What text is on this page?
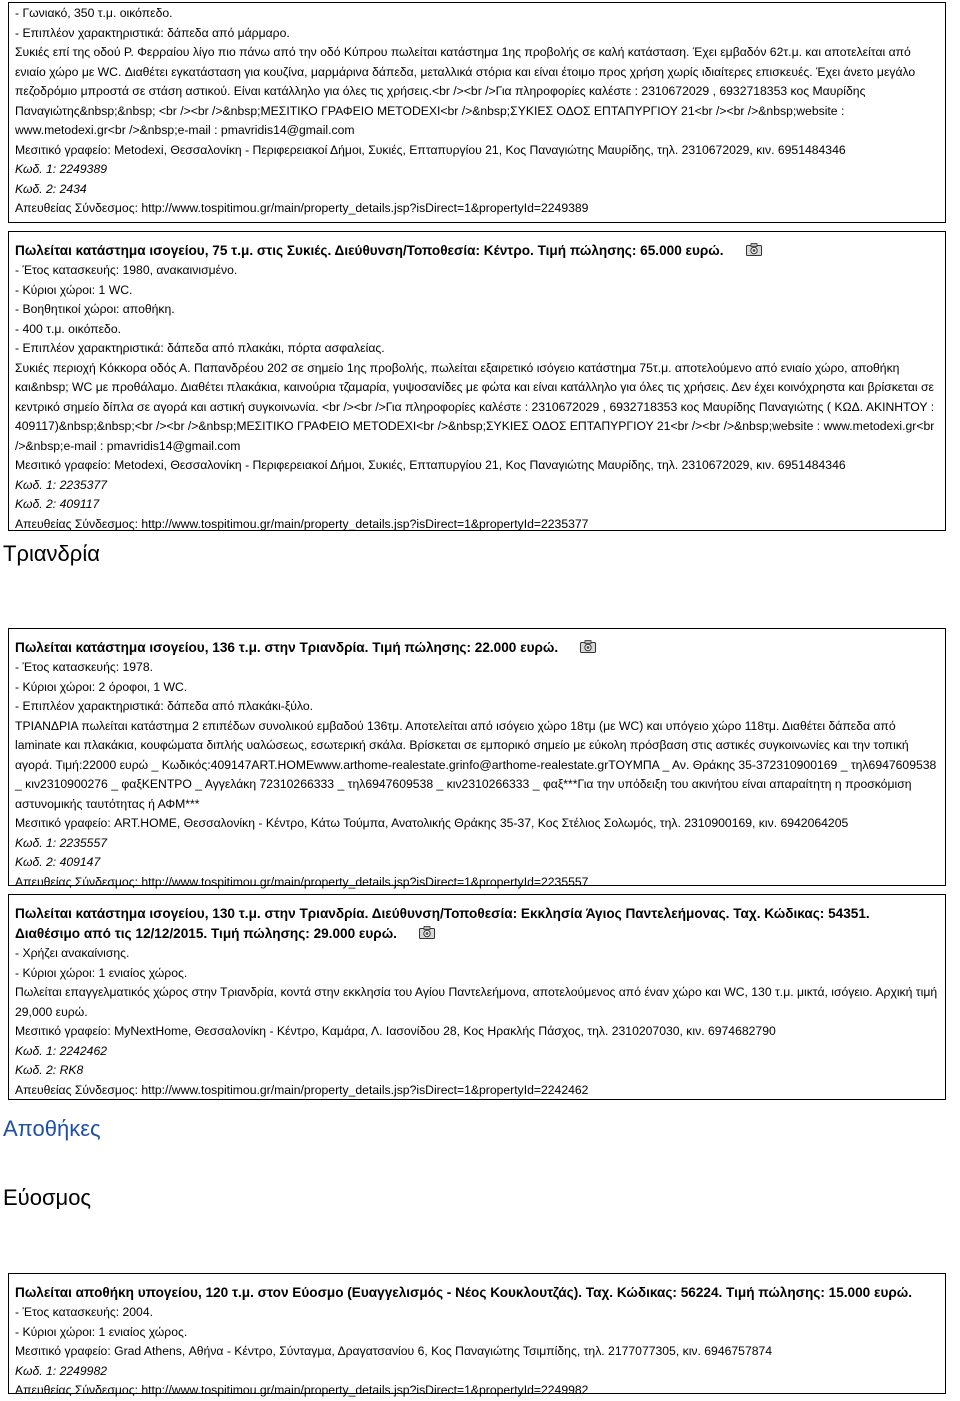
- Γωνιακό, 350 τ.μ. οικόπεδο.
- Επιπλέον χαρακτηριστικά: δάπεδα από μάρμαρο.
Συκιές επί της οδού Ρ. Φερραίου λίγο πιο πάνω από την οδό Κύπρου πωλείται κατάστημα 1ης προβολής σε καλή κατάσταση. Έχει εμβαδόν 62τ.μ. και αποτελείται από ενιαίο χώρο με WC. Διαθέτει εγκατάσταση για κουζίνα, μαρμάρινα δάπεδα, μεταλλικά στόρια και είναι έτοιμο προς χρήση χωρίς ιδιαίτερες επισκευές. Έχει άνετο μεγάλο πεζοδρόμιο μπροστά σε στάση αστικού. Είναι κατάλληλο για όλες τις χρήσεις.<br /><br />Για πληροφορίες καλέστε : 2310672029 , 6932718353 κος Μαυρίδης Παναγιώτης&nbsp;&nbsp; <br /><br />&nbsp;ΜΕΣΙΤΙΚΟ ΓΡΑΦΕΙΟ METODEXI<br />&nbsp;ΣΥΚΙΕΣ ΟΔΟΣ ΕΠΤΑΠΥΡΓΙΟΥ 21<br /><br />&nbsp;website : www.metodexi.gr<br />&nbsp;e-mail : pmavridis14@gmail.com
Μεσιτικό γραφείο: Metodexi, Θεσσαλονίκη - Περιφερειακοί Δήμοι, Συκιές, Επταπυργίου 21, Κος Παναγιώτης Μαυρίδης, τηλ. 2310672029, κιν. 6951484346
Κωδ. 1: 2249389
Κωδ. 2: 2434
Απευθείας Σύνδεσμος: http://www.tospitimou.gr/main/property_details.jsp?isDirect=1&propertyId=2249389
Πωλείται κατάστημα ισογείου, 75 τ.μ. στις Συκιές. Διεύθυνση/Τοποθεσία: Κέντρο. Τιμή πώλησης: 65.000 ευρώ.
- Έτος κατασκευής: 1980, ανακαινισμένο.
- Κύριοι χώροι: 1 WC.
- Βοηθητικοί χώροι: αποθήκη.
- 400 τ.μ. οικόπεδο.
- Επιπλέον χαρακτηριστικά: δάπεδα από πλακάκι, πόρτα ασφαλείας.
Συκιές περιοχή Κόκκορα οδός Α. Παπανδρέου 202 σε σημείο 1ης προβολής, πωλείται εξαιρετικό ισόγειο κατάστημα 75τ.μ. αποτελούμενο από ενιαίο χώρο, αποθήκη και&nbsp; WC με προθάλαμο. Διαθέτει πλακάκια, καινούρια τζαμαρία, γυψοσανίδες με φώτα και είναι κατάλληλο για όλες τις χρήσεις. Δεν έχει κοινόχρηστα και βρίσκεται σε κεντρικό σημείο δίπλα σε αγορά και αστική συγκοινωνία. <br /><br />Για πληροφορίες καλέστε : 2310672029 , 6932718353 κος Μαυρίδης Παναγιώτης ( ΚΩΔ. ΑΚΙΝΗΤΟΥ : 409117)&nbsp;&nbsp;<br /><br />&nbsp;ΜΕΣΙΤΙΚΟ ΓΡΑΦΕΙΟ METODEXI<br />&nbsp;ΣΥΚΙΕΣ ΟΔΟΣ ΕΠΤΑΠΥΡΓΙΟΥ 21<br /><br />&nbsp;website : www.metodexi.gr<br />&nbsp;e-mail : pmavridis14@gmail.com
Μεσιτικό γραφείο: Metodexi, Θεσσαλονίκη - Περιφερειακοί Δήμοι, Συκιές, Επταπυργίου 21, Κος Παναγιώτης Μαυρίδης, τηλ. 2310672029, κιν. 6951484346
Κωδ. 1: 2235377
Κωδ. 2: 409117
Απευθείας Σύνδεσμος: http://www.tospitimou.gr/main/property_details.jsp?isDirect=1&propertyId=2235377
Τριανδρία
Πωλείται κατάστημα ισογείου, 136 τ.μ. στην Τριανδρία. Τιμή πώλησης: 22.000 ευρώ.
- Έτος κατασκευής: 1978.
- Κύριοι χώροι: 2 όροφοι, 1 WC.
- Επιπλέον χαρακτηριστικά: δάπεδα από πλακάκι-ξύλο.
ΤΡΙΑΝΔΡΙΑ πωλείται κατάστημα 2 επιπέδων συνολικού εμβαδού 136τμ. Αποτελείται από ισόγειο χώρο 18τμ (με WC) και υπόγειο χώρο 118τμ. Διαθέτει δάπεδα από laminate και πλακάκια, κουφώματα διπλής υαλώσεως, εσωτερική σκάλα. Βρίσκεται σε εμπορικό σημείο με εύκολη πρόσβαση στις αστικές συγκοινωνίες και την τοπική αγορά. Τιμή:22000 ευρώ _ Κωδικός:409147ART.HOMEwww.arthome-realestate.grinfo@arthome-realestate.grΤΟΥΜΠΑ _ Αν. Θράκης 35-372310900169 _ τηλ6947609538 _ κιν2310900276 _ φαξΚΕΝΤΡΟ _ Αγγελάκη 72310266333 _ τηλ6947609538 _ κιν2310266333 _ φαξ***Για την υπόδειξη του ακινήτου είναι απαραίτητη η προσκόμιση αστυνομικής ταυτότητας ή ΑΦΜ***
Μεσιτικό γραφείο: ART.HOME, Θεσσαλονίκη - Κέντρο, Κάτω Τούμπα, Ανατολικής Θράκης 35-37, Κος Στέλιος Σολωμός, τηλ. 2310900169, κιν. 6942064205
Κωδ. 1: 2235557
Κωδ. 2: 409147
Απευθείας Σύνδεσμος: http://www.tospitimou.gr/main/property_details.jsp?isDirect=1&propertyId=2235557
Πωλείται κατάστημα ισογείου, 130 τ.μ. στην Τριανδρία. Διεύθυνση/Τοποθεσία: Εκκλησία Άγιος Παντελεήμονας. Ταχ. Κώδικας: 54351. Διαθέσιμο από τις 12/12/2015. Τιμή πώλησης: 29.000 ευρώ.
- Χρήζει ανακαίνισης.
- Κύριοι χώροι: 1 ενιαίος χώρος.
Πωλείται επαγγελματικός χώρος στην Τριανδρία, κοντά στην εκκλησία του Αγίου Παντελεήμονα, αποτελούμενος από έναν χώρο και WC, 130 τ.μ. μικτά, ισόγειο. Αρχική τιμή 29,000 ευρώ.
Μεσιτικό γραφείο: MyNextHome, Θεσσαλονίκη - Κέντρο, Καμάρα, Λ. Ιασονίδου 28, Κος Ηρακλής Πάσχος, τηλ. 2310207030, κιν. 6974682790
Κωδ. 1: 2242462
Κωδ. 2: RK8
Απευθείας Σύνδεσμος: http://www.tospitimou.gr/main/property_details.jsp?isDirect=1&propertyId=2242462
Αποθήκες
Εύοσμος
Πωλείται αποθήκη υπογείου, 120 τ.μ. στον Εύοσμο (Ευαγγελισμός - Νέος Κουκλουτζάς). Ταχ. Κώδικας: 56224. Τιμή πώλησης: 15.000 ευρώ.
- Έτος κατασκευής: 2004.
- Κύριοι χώροι: 1 ενιαίος χώρος.
Μεσιτικό γραφείο: Grad Athens, Αθήνα - Κέντρο, Σύνταγμα, Δραγατσανίου 6, Κος Παναγιώτης Τσιμπίδης, τηλ. 2177077305, κιν. 6946757874
Κωδ. 1: 2249982
Απευθείας Σύνδεσμος: http://www.tospitimou.gr/main/property_details.jsp?isDirect=1&propertyId=2249982
